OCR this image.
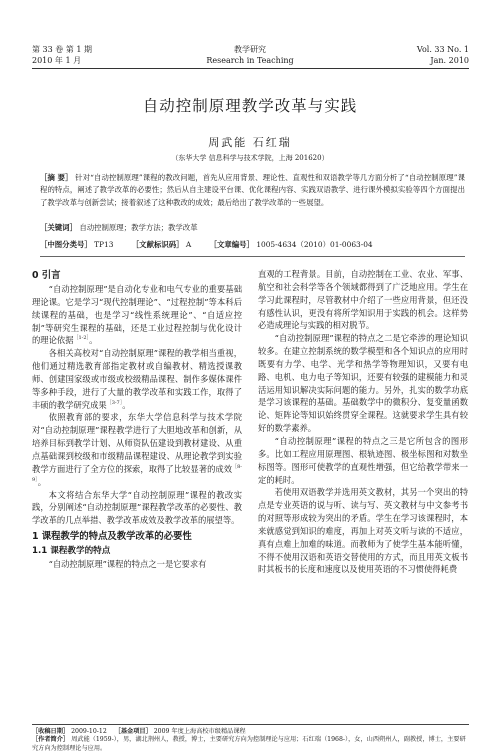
第 33 卷 第 1 期
2010 年 1 月
教学研究
Research in Teaching
Vol. 33 No. 1
Jan. 2010
自动控制原理教学改革与实践
周武能 石红瑞
（东华大学 信息科学与技术学院，上海 201620）
［摘 要］ 针对“自动控制原理”课程的教改问题，首先从应用背景、理论性、直观性和双语教学等几方面分析了“自动控制原理”课程的特点，阐述了教学改革的必要性；然后从自主建设平台课、优化课程内容、实践双语教学、进行课外模拟实验等四个方面提出了教学改革与创新尝试；接着叙述了这种教改的成效；最后给出了教学改革的一些展望。
［关键词］ 自动控制原理；教学方法；教学改革
［中图分类号］ TP13 ［文献标识码］ A ［文章编号］ 1005-4634（2010）01-0063-04
0 引言

“自动控制原理”是自动化专业和电气专业的重要基础理论课。它是学习“现代控制理论”、“过程控制”等本科后续课程的基础，也是学习“线性系统理论”、“自适应控制”等研究生课程的基础，还是工业过程控制与优化设计的理论依据$^{[1-2]}$。

各相关高校对“自动控制原理”课程的教学相当重视，他们通过精选教育部指定教材或自编教材、精选授课教师、创建国家级或市级或校级精品课程、制作多媒体课件等多种手段，进行了大量的教学改革和实践工作，取得了丰硕的教学研究成果$^{[3-7]}$。

依照教育部的要求，东华大学信息科学与技术学院对“自动控制原理”课程教学进行了大胆地改革和创新，从培养目标到教学计划、从师资队伍建设到教材建设、从重点基础课到校级和市级精品课程建设、从理论教学到实验教学方面进行了全方位的探索，取得了比较显著的成效$^{[8-9]}$。

本文将结合东华大学“自动控制原理”课程的教改实践，分别阐述“自动控制原理”课程教学改革的必要性、教学改革的几点举措、教学改革成效及教学改革的展望等。

1 课程教学的特点及教学改革的必要性
1.1 课程教学的特点

“自动控制原理”课程的特点之一是它要求有

直观的工程背景。目前，自动控制在工业、农业、军事、航空和社会科学等各个领域都得到了广泛地应用。学生在学习此课程时，尽管教材中介绍了一些应用背景，但还没有感性认识，更没有将所学知识用于实践的机会。这样势必造成理论与实践的相对脱节。

“自动控制原理”课程的特点之二是它牵涉的理论知识较多。在建立控制系统的数学模型和各个知识点的应用时既要有力学、电学、光学和热学等物理知识，又要有电路、电机、电力电子等知识，还要有较强的建模能力和灵活运用知识解决实际问题的能力。另外，扎实的数学功底是学习该课程的基础。基础数学中的微积分、复变量函数论、矩阵论等知识始终贯穿全课程。这就要求学生具有较好的数学素养。

“自动控制原理”课程的特点之三是它所包含的图形多。比如工程应用原理图、根轨迹图、极坐标图和对数坐标图等。图形可使教学的直观性增强，但它给教学带来一定的耗时。

若使用双语教学并选用英文教材，其另一个突出的特点是专业英语的说与听、读与写、英文教材与中文参考书的对照等形成较为突出的矛盾。学生在学习该课程时，本来就感觉到知识的难度，再加上对英文听与读的不适应，真有点难上加难的味道。而教师为了使学生基本能听懂，不得不使用汉语和英语交替使用的方式，而且用英文板书时其板书的长度和速度以及使用英语的不习惯使得耗费

［收稿日期］ 2009-10-12 ［基金项目］ 2009 年度上海高校市级精品课程
［作者简介］ 周武能（1959-），男，湖北荆州人，教授，博士，主要研究方向为控制理论与应用；石红瑞（1968-），女，山西朔州人，副教授，博士，主要研究方向为控制理论与应用。
